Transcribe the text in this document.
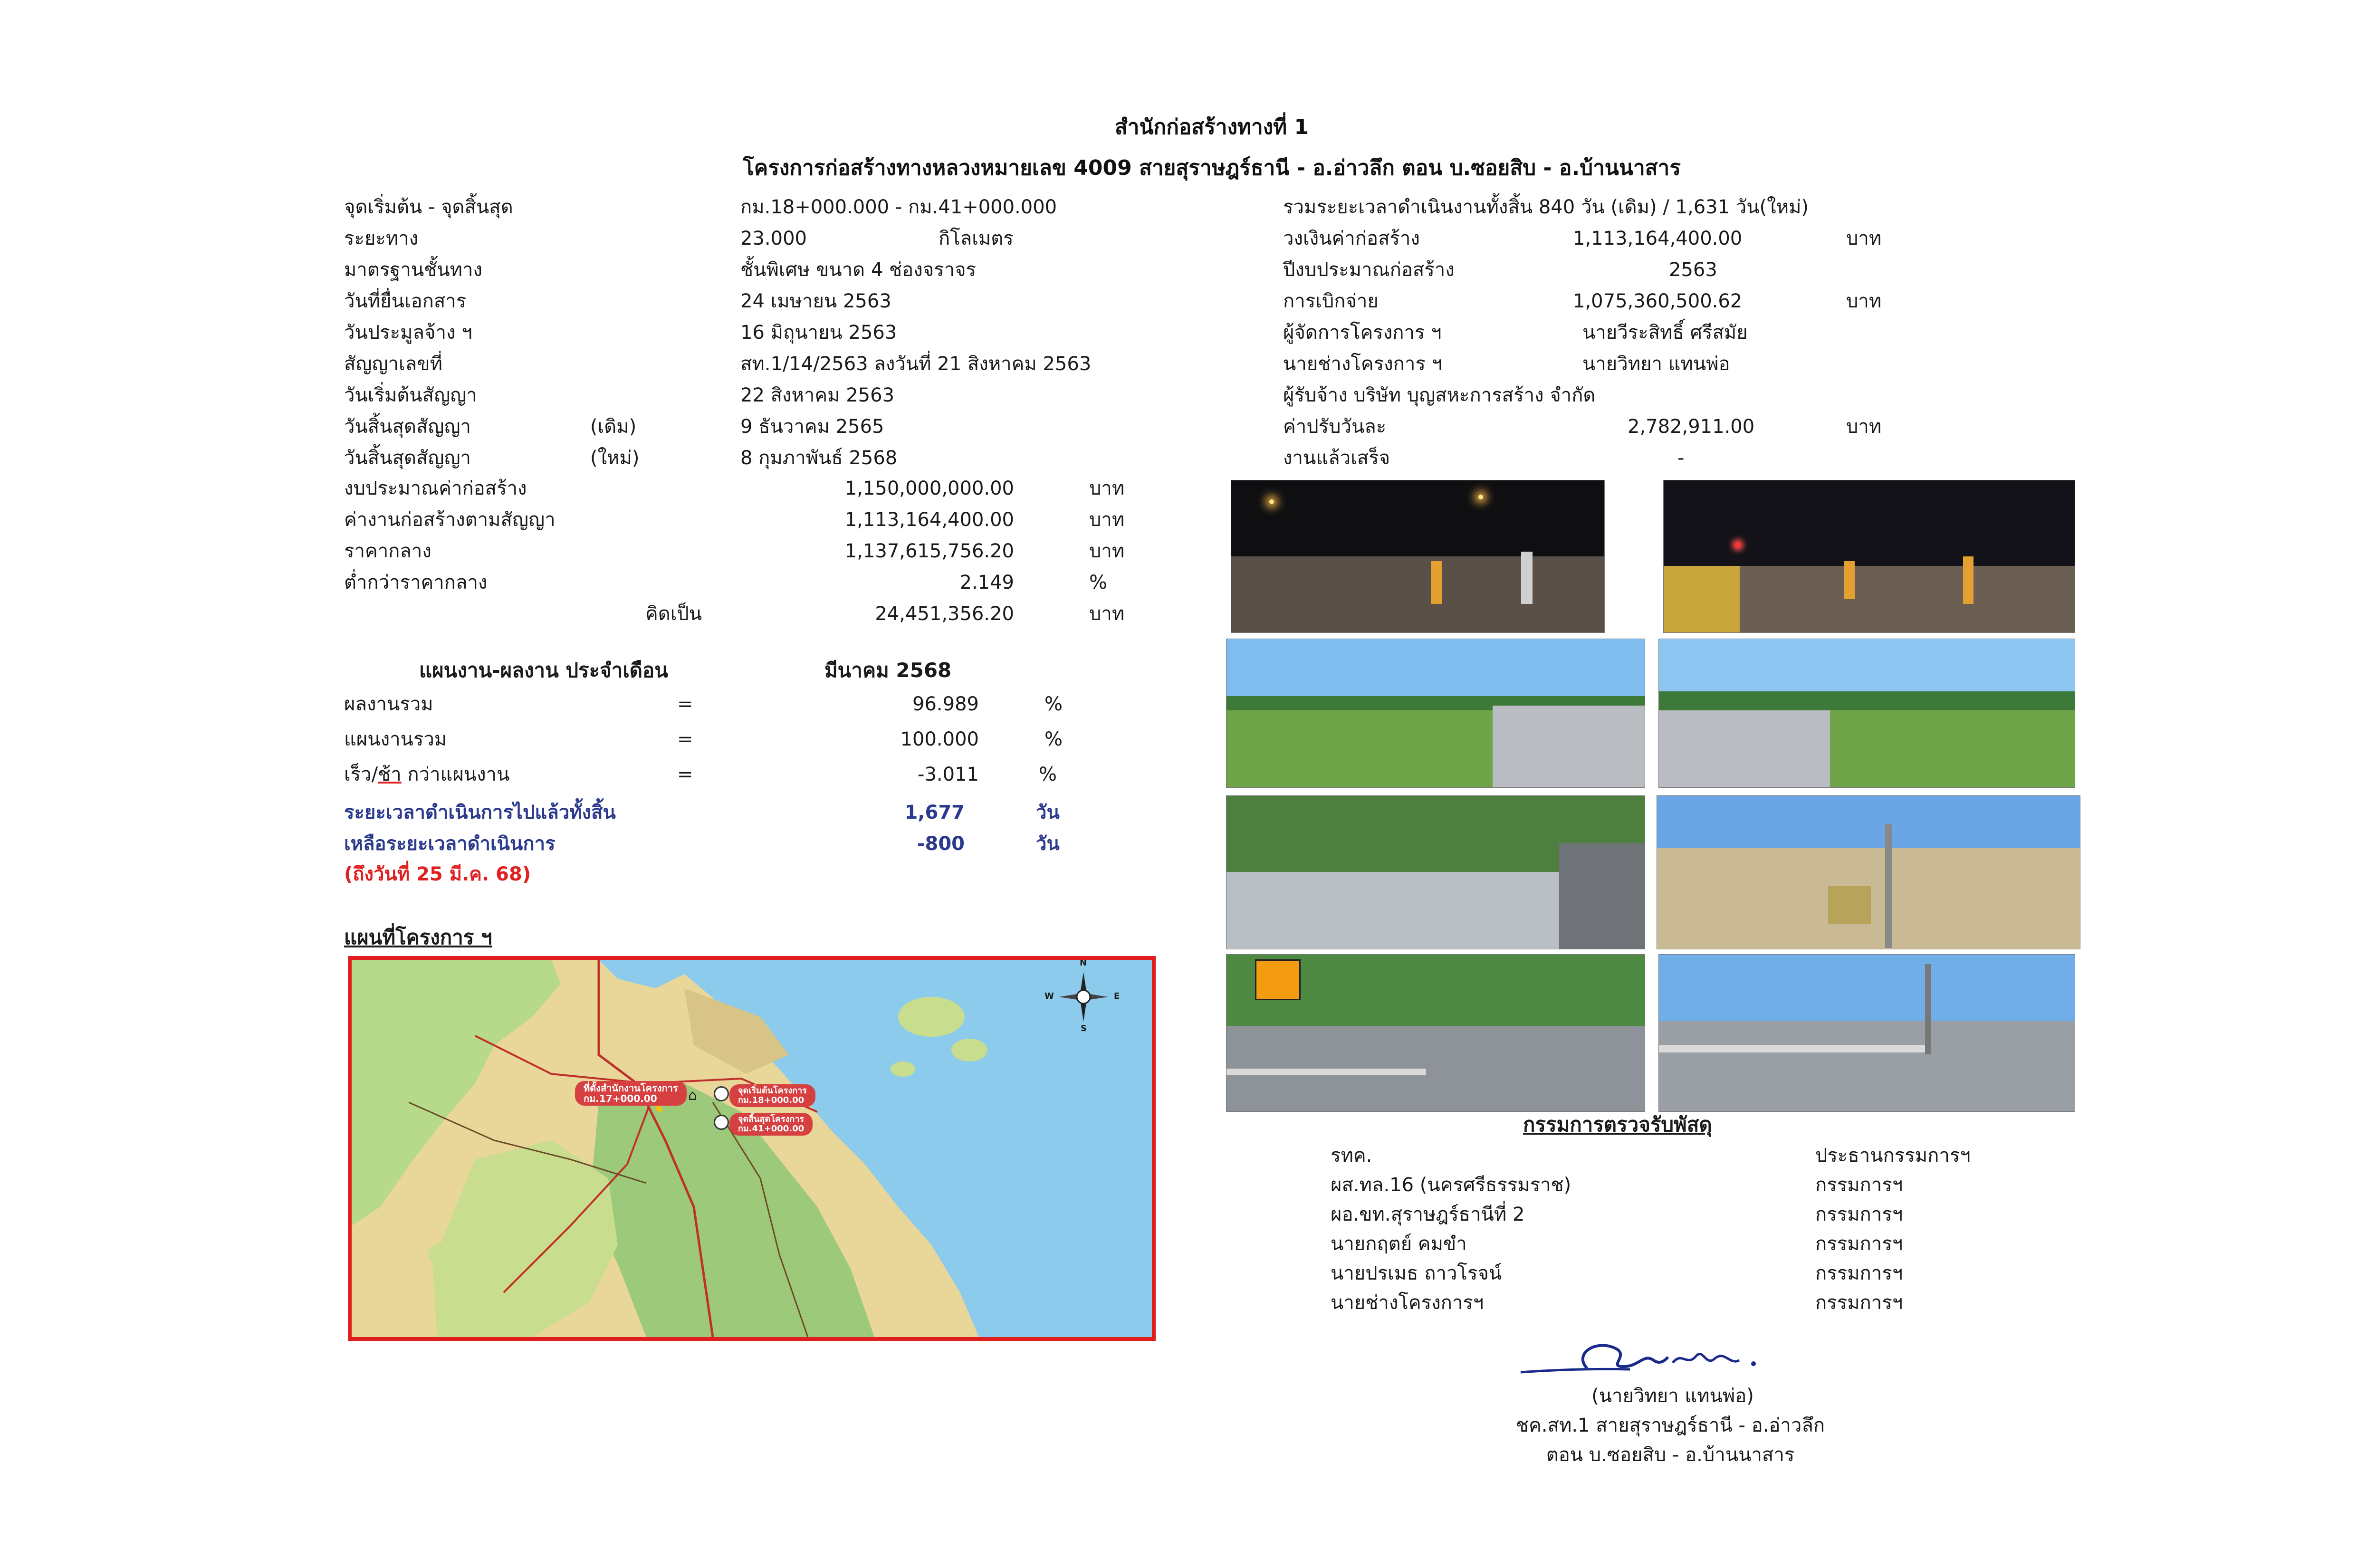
สำนักก่อสร้างทางที่ 1
โครงการก่อสร้างทางหลวงหมายเลข 4009 สายสุราษฎร์ธานี - อ.อ่าวลึก ตอน บ.ซอยสิบ - อ.บ้านนาสาร
จุดเริ่มต้น - จุดสิ้นสุด	กม.18+000.000 - กม.41+000.000
ระยะทาง	23.000	กิโลเมตร
มาตรฐานชั้นทาง	ชั้นพิเศษ ขนาด 4 ช่องจราจร
วันที่ยื่นเอกสาร	24 เมษายน 2563
วันประมูลจ้าง ฯ	16 มิถุนายน 2563
สัญญาเลขที่	สท.1/14/2563 ลงวันที่ 21 สิงหาคม 2563
วันเริ่มต้นสัญญา	22 สิงหาคม 2563
วันสิ้นสุดสัญญา	(เดิม)	9 ธันวาคม 2565
วันสิ้นสุดสัญญา	(ใหม่)	8 กุมภาพันธ์ 2568
งบประมาณค่าก่อสร้าง	1,150,000,000.00	บาท
ค่างานก่อสร้างตามสัญญา	1,113,164,400.00	บาท
ราคากลาง	1,137,615,756.20	บาท
ต่ำกว่าราคากลาง	2.149	%
คิดเป็น	24,451,356.20	บาท
รวมระยะเวลาดำเนินงานทั้งสิ้น 840 วัน (เดิม) / 1,631 วัน(ใหม่)
วงเงินค่าก่อสร้าง	1,113,164,400.00	บาท
ปีงบประมาณก่อสร้าง	2563
การเบิกจ่าย	1,075,360,500.62	บาท
ผู้จัดการโครงการ ฯ	นายวีระสิทธิ์ ศรีสมัย
นายช่างโครงการ ฯ	นายวิทยา แทนพ่อ
ผู้รับจ้าง บริษัท บุญสหะการสร้าง จำกัด
ค่าปรับวันละ	2,782,911.00	บาท
งานแล้วเสร็จ	-
แผนงาน-ผลงาน ประจำเดือน	มีนาคม 2568
ผลงานรวม	=	96.989	%
แผนงานรวม	=	100.000	%
เร็ว/ช้า กว่าแผนงาน	=	-3.011	%
ระยะเวลาดำเนินการไปแล้วทั้งสิ้น	1,677	วัน
เหลือระยะเวลาดำเนินการ	-800	วัน
(ถึงวันที่ 25 มี.ค. 68)
แผนที่โครงการ ฯ
ที่ตั้งสำนักงานโครงการ
กม.17+000.00
จุดเริ่มต้นโครงการ
กม.18+000.00
จุดสิ้นสุดโครงการ
กม.41+000.00
⌂
N
S
W	E
กรรมการตรวจรับพัสดุ
รทค.	ประธานกรรมการฯ
ผส.ทล.16 (นครศรีธรรมราช)	กรรมการฯ
ผอ.ขท.สุราษฎร์ธานีที่ 2	กรรมการฯ
นายกฤตย์ คมขำ	กรรมการฯ
นายปรเมธ ถาวโรจน์	กรรมการฯ
นายช่างโครงการฯ	กรรมการฯ
(นายวิทยา แทนพ่อ)
ชค.สท.1 สายสุราษฎร์ธานี - อ.อ่าวลึก
ตอน บ.ซอยสิบ - อ.บ้านนาสาร
